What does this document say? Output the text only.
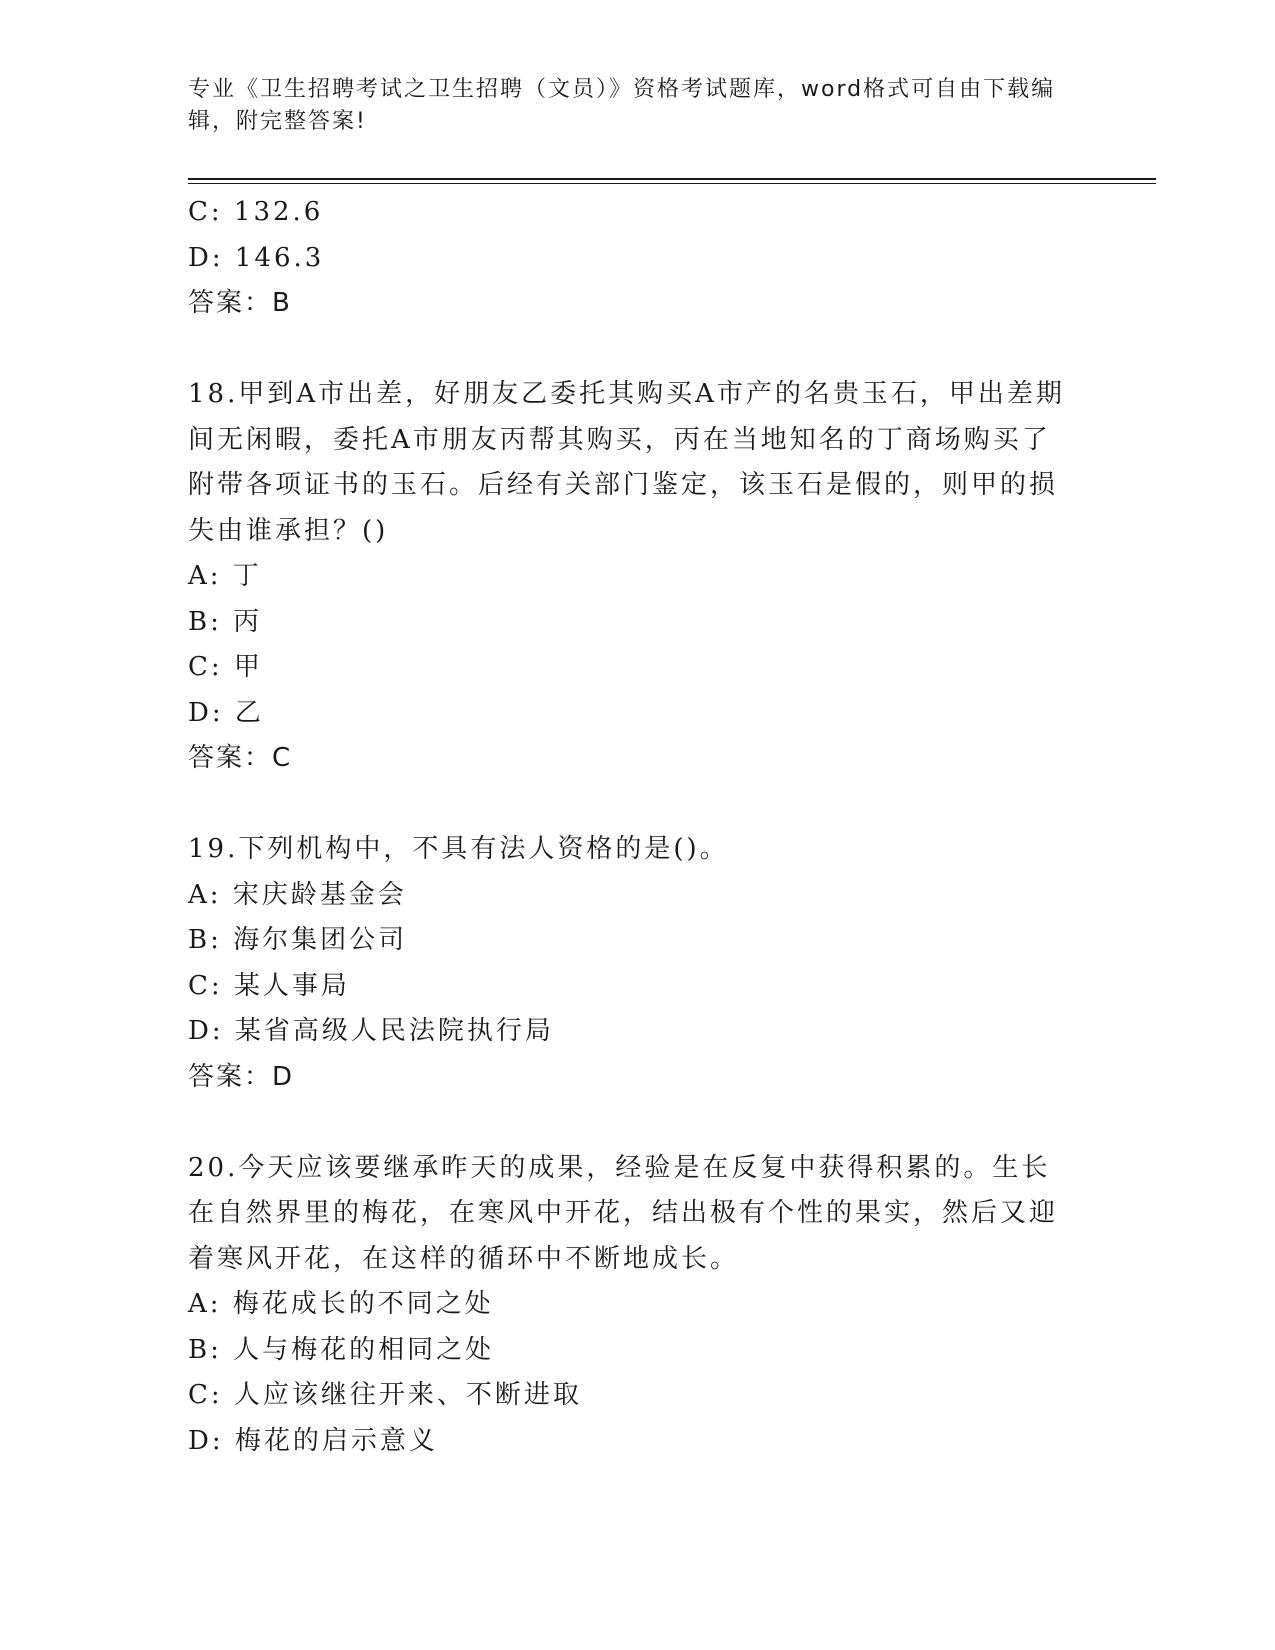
专业《卫生招聘考试之卫生招聘（文员）》资格考试题库，word格式可自由下载编辑，附完整答案!
C: 132.6
D: 146.3
答案：B
18.甲到A市出差，好朋友乙委托其购买A市产的名贵玉石，甲出差期间无闲暇，委托A市朋友丙帮其购买，丙在当地知名的丁商场购买了附带各项证书的玉石。后经有关部门鉴定，该玉石是假的，则甲的损失由谁承担？()
A: 丁
B: 丙
C: 甲
D: 乙
答案：C
19.下列机构中，不具有法人资格的是()。
A: 宋庆龄基金会
B: 海尔集团公司
C: 某人事局
D: 某省高级人民法院执行局
答案：D
20.今天应该要继承昨天的成果，经验是在反复中获得积累的。生长在自然界里的梅花，在寒风中开花，结出极有个性的果实，然后又迎着寒风开花，在这样的循环中不断地成长。
A: 梅花成长的不同之处
B: 人与梅花的相同之处
C: 人应该继往开来、不断进取
D: 梅花的启示意义
